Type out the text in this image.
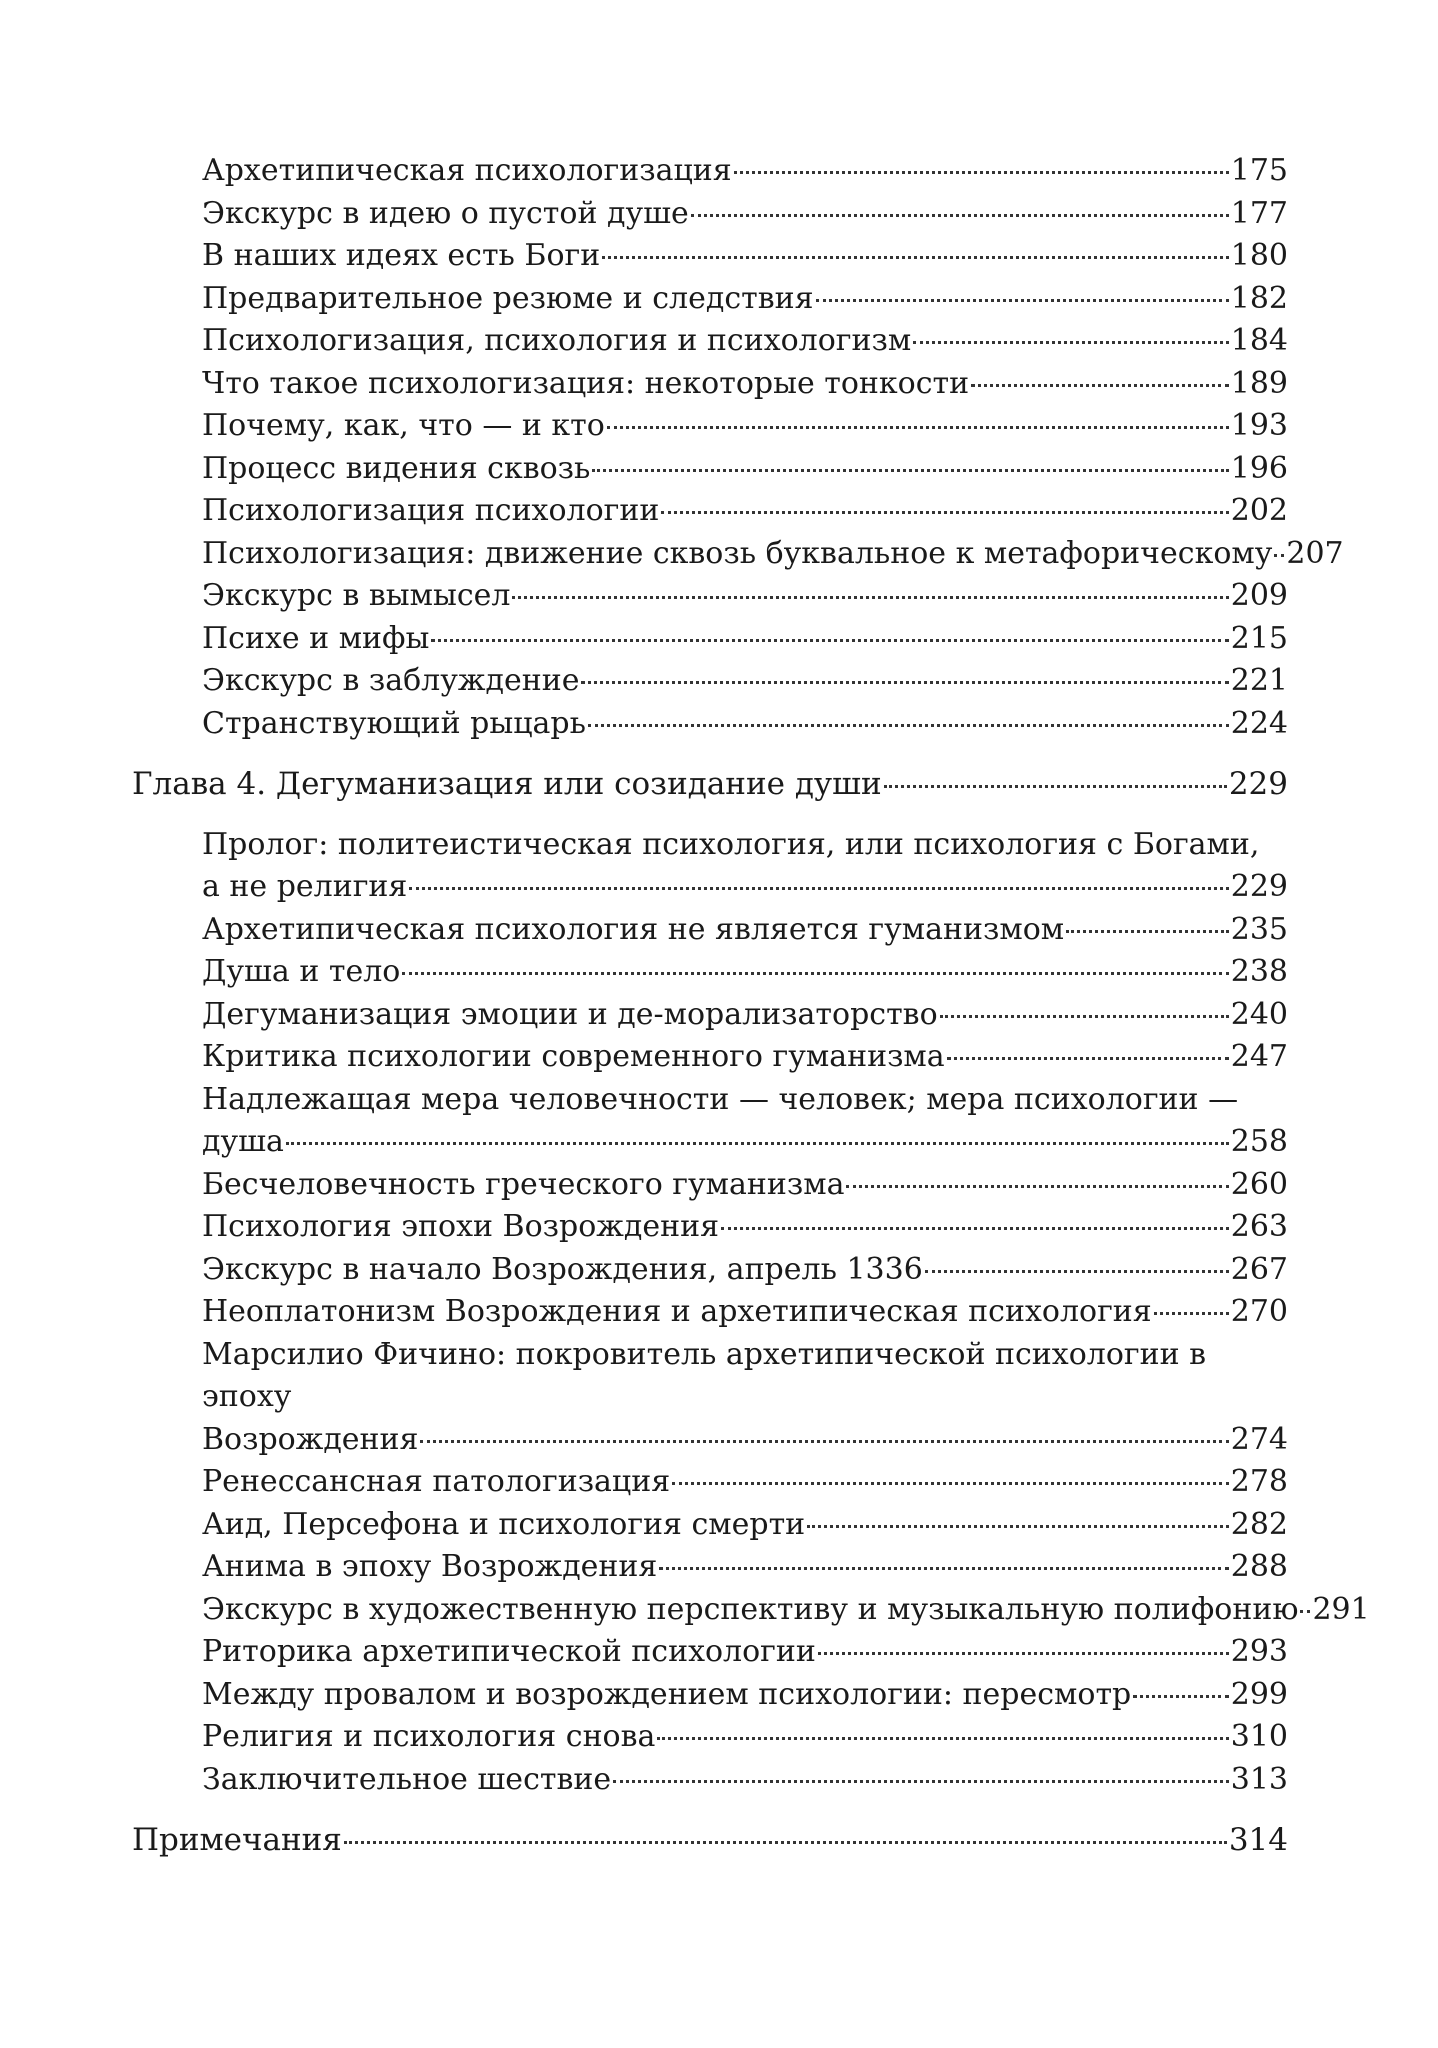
Архетипическая психологизация	175
Экскурс в идею о пустой душе	177
В наших идеях есть Боги	180
Предварительное резюме и следствия	182
Психологизация, психология и психологизм	184
Что такое психологизация: некоторые тонкости	189
Почему, как, что — и кто	193
Процесс видения сквозь	196
Психологизация психологии	202
Психологизация: движение сквозь буквальное к метафорическому 207
Экскурс в вымысел	209
Психе и мифы	215
Экскурс в заблуждение	221
Странствующий рыцарь	224
Глава 4. Дегуманизация или созидание души	229
Пролог: политеистическая психология, или психология с Богами,
а не религия	229
Архетипическая психология не является гуманизмом	235
Душа и тело	238
Дегуманизация эмоции и де-морализаторство	240
Критика психологии современного гуманизма	247
Надлежащая мера человечности — человек; мера психологии —
душа	258
Бесчеловечность греческого гуманизма	260
Психология эпохи Возрождения	263
Экскурс в начало Возрождения, апрель 1336	267
Неоплатонизм Возрождения и архетипическая психология	270
Марсилио Фичино: покровитель архетипической психологии в эпоху
Возрождения	274
Ренессансная патологизация	278
Аид, Персефона и психология смерти	282
Анима в эпоху Возрождения	288
Экскурс в художественную перспективу и музыкальную полифонию 291
Риторика архетипической психологии	293
Между провалом и возрождением психологии: пересмотр	299
Религия и психология снова	310
Заключительное шествие	313
Примечания	314
